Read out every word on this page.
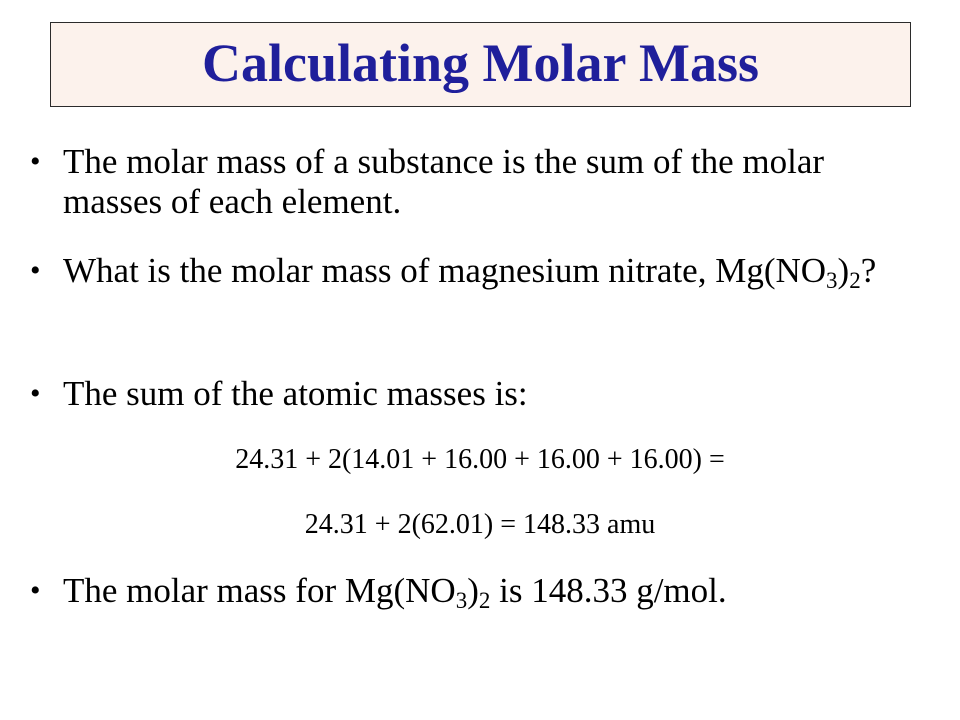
Calculating Molar Mass
• The molar mass of a substance is the sum of the molar masses of each element.
• What is the molar mass of magnesium nitrate, $Mg(NO_3)_2$?
• The sum of the atomic masses is:
24.31 + 2(14.01 + 16.00 + 16.00 + 16.00) =
24.31 + 2(62.01) = 148.33 amu
• The molar mass for $Mg(NO_3)_2$ is 148.33 g/mol.
